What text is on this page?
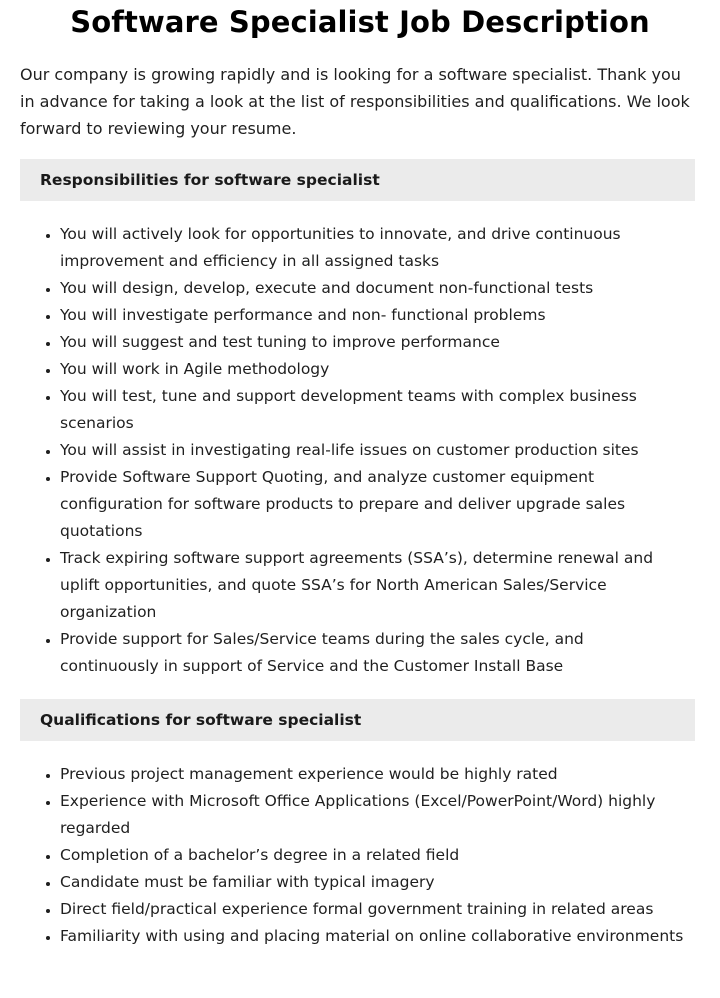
Software Specialist Job Description

Our company is growing rapidly and is looking for a software specialist. Thank you in advance for taking a look at the list of responsibilities and qualifications. We look forward to reviewing your resume.

Responsibilities for software specialist
• You will actively look for opportunities to innovate, and drive continuous improvement and efficiency in all assigned tasks
• You will design, develop, execute and document non-functional tests
• You will investigate performance and non- functional problems
• You will suggest and test tuning to improve performance
• You will work in Agile methodology
• You will test, tune and support development teams with complex business scenarios
• You will assist in investigating real-life issues on customer production sites
• Provide Software Support Quoting, and analyze customer equipment configuration for software products to prepare and deliver upgrade sales quotations
• Track expiring software support agreements (SSA’s), determine renewal and uplift opportunities, and quote SSA’s for North American Sales/Service organization
• Provide support for Sales/Service teams during the sales cycle, and continuously in support of Service and the Customer Install Base
Qualifications for software specialist
• Previous project management experience would be highly rated
• Experience with Microsoft Office Applications (Excel/PowerPoint/Word) highly regarded
• Completion of a bachelor’s degree in a related field
• Candidate must be familiar with typical imagery
• Direct field/practical experience formal government training in related areas
• Familiarity with using and placing material on online collaborative environments
